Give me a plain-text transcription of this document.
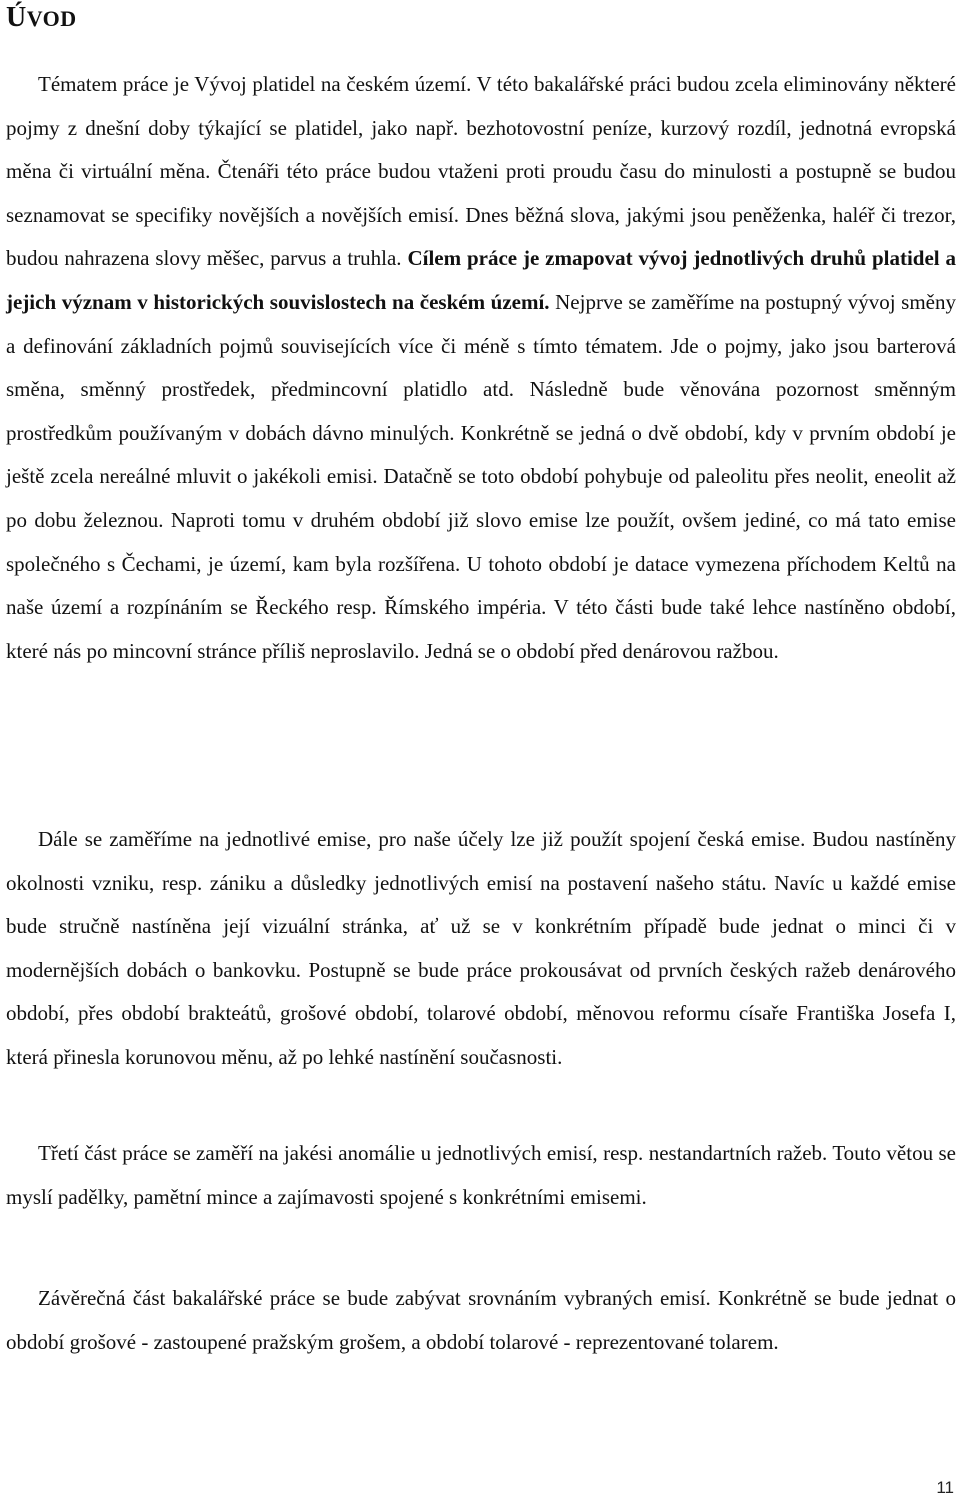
ÚVOD

Tématem práce je Vývoj platidel na českém území. V této bakalářské práci budou zcela eliminovány některé pojmy z dnešní doby týkající se platidel, jako např. bezhotovostní peníze, kurzový rozdíl, jednotná evropská měna či virtuální měna. Čtenáři této práce budou vtaženi proti proudu času do minulosti a postupně se budou seznamovat se specifiky novějších a novějších emisí. Dnes běžná slova, jakými jsou peněženka, haléř či trezor, budou nahrazena slovy měšec, parvus a truhla. Cílem práce je zmapovat vývoj jednotlivých druhů platidel a jejich význam v historických souvislostech na českém území. Nejprve se zaměříme na postupný vývoj směny a definování základních pojmů souvisejících více či méně s tímto tématem. Jde o pojmy, jako jsou barterová směna, směnný prostředek, předmincovní platidlo atd. Následně bude věnována pozornost směnným prostředkům používaným v dobách dávno minulých. Konkrétně se jedná o dvě období, kdy v prvním období je ještě zcela nereálné mluvit o jakékoli emisi. Datačně se toto období pohybuje od paleolitu přes neolit, eneolit až po dobu železnou. Naproti tomu v druhém období již slovo emise lze použít, ovšem jediné, co má tato emise společného s Čechami, je území, kam byla rozšířena. U tohoto období je datace vymezena příchodem Keltů na naše území a rozpínáním se Řeckého resp. Římského impéria. V této části bude také lehce nastíněno období, které nás po mincovní stránce příliš neproslavilo. Jedná se o období před denárovou ražbou.

Dále se zaměříme na jednotlivé emise, pro naše účely lze již použít spojení česká emise. Budou nastíněny okolnosti vzniku, resp. zániku a důsledky jednotlivých emisí na postavení našeho státu. Navíc u každé emise bude stručně nastíněna její vizuální stránka, ať už se v konkrétním případě bude jednat o minci či v modernějších dobách o bankovku. Postupně se bude práce prokousávat od prvních českých ražeb denárového období, přes období brakteátů, grošové období, tolarové období, měnovou reformu císaře Františka Josefa I, která přinesla korunovou měnu, až po lehké nastínění současnosti.

Třetí část práce se zaměří na jakési anomálie u jednotlivých emisí, resp. nestandartních ražeb. Touto větou se myslí padělky, pamětní mince a zajímavosti spojené s konkrétními emisemi.

Závěrečná část bakalářské práce se bude zabývat srovnáním vybraných emisí. Konkrétně se bude jednat o období grošové - zastoupené pražským grošem, a období tolarové - reprezentované tolarem.

11
